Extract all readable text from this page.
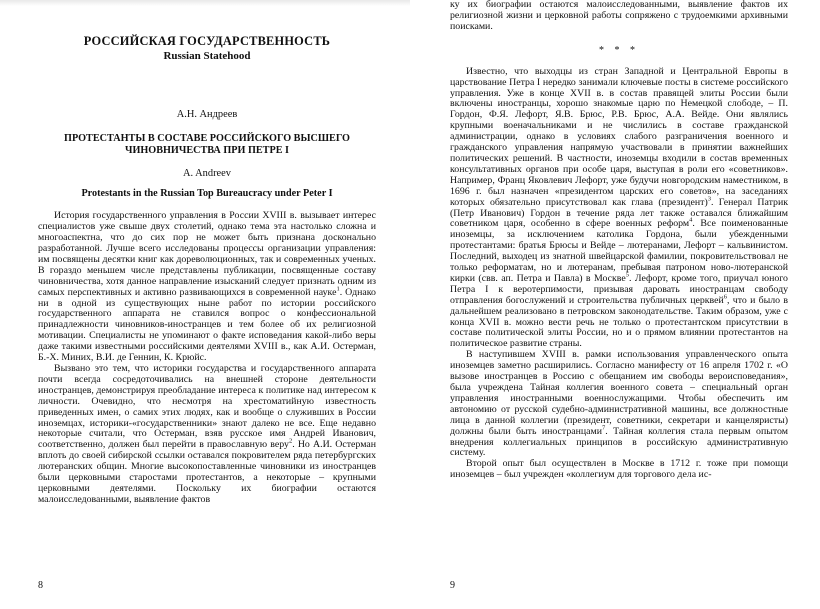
РОССИЙСКАЯ ГОСУДАРСТВЕННОСТЬ
Russian Statehood
А.Н. Андреев
ПРОТЕСТАНТЫ В СОСТАВЕ РОССИЙСКОГО ВЫСШЕГО ЧИНОВНИЧЕСТВА ПРИ ПЕТРЕ I
A. Andreev
Protestants in the Russian Top Bureaucracy under Peter I

История государственного управления в России XVIII в. вызывает интерес специалистов уже свыше двух столетий, однако тема эта настолько сложна и многоаспектна, что до сих пор не может быть признана досконально разработанной. Лучше всего исследованы процессы организации управления: им посвящены десятки книг как дореволюционных, так и современных ученых. В гораздо меньшем числе представлены публикации, посвященные составу чиновничества, хотя данное направление изысканий следует признать одним из самых перспективных и активно развивающихся в современной науке$^1$. Однако ни в одной из существующих ныне работ по истории российского государственного аппарата не ставился вопрос о конфессиональной принадлежности чиновников-иностранцев и тем более об их религиозной мотивации. Специалисты не упоминают о факте исповедания какой-либо веры даже такими известными российскими деятелями XVIII в., как А.И. Остерман, Б.-Х. Миних, В.И. де Геннин, К. Крюйс.

Вызвано это тем, что историки государства и государственного аппарата почти всегда сосредоточивались на внешней стороне деятельности иностранцев, демонстрируя преобладание интереса к политике над интересом к личности. Очевидно, что несмотря на хрестоматийную известность приведенных имен, о самих этих людях, как и вообще о служивших в России иноземцах, историки-«государственники» знают далеко не все. Еще недавно некоторые считали, что Остерман, взяв русское имя Андрей Иванович, соответственно, должен был перейти в православную веру$^2$. Но А.И. Остерман вплоть до своей сибирской ссылки оставался покровителем ряда петербургских лютеранских общин. Многие высокопоставленные чиновники из иностранцев были церковными старостами протестантов, а некоторые – крупными церковными деятелями. Поскольку их биографии остаются малоисследованными, выявление фактов

8

ку их биографии остаются малоисследованными, выявление фактов их религиозной жизни и церковной работы сопряжено с трудоемкими архивными поисками.

* * *

Известно, что выходцы из стран Западной и Центральной Европы в царствование Петра I нередко занимали ключевые посты в системе российского управления. Уже в конце XVII в. в состав правящей элиты России были включены иностранцы, хорошо знакомые царю по Немецкой слободе, – П. Гордон, Ф.Я. Лефорт, Я.В. Брюс, Р.В. Брюс, А.А. Вейде. Они являлись крупными военачальниками и не числились в составе гражданской администрации, однако в условиях слабого разграничения военного и гражданского управления напрямую участвовали в принятии важнейших политических решений. В частности, иноземцы входили в состав временных консультативных органов при особе царя, выступая в роли его «советников». Например, Франц Яковлевич Лефорт, уже будучи новгородским наместником, в 1696 г. был назначен «президентом царских его советов», на заседаниях которых обязательно присутствовал как глава (президент)$^3$. Генерал Патрик (Петр Иванович) Гордон в течение ряда лет также оставался ближайшим советником царя, особенно в сфере военных реформ$^4$. Все поименованные иноземцы, за исключением католика Гордона, были убежденными протестантами: братья Брюсы и Вейде – лютеранами, Лефорт – кальвинистом. Последний, выходец из знатной швейцарской фамилии, покровительствовал не только реформатам, но и лютеранам, пребывая патроном ново-лютеранской кирки (свв. ап. Петра и Павла) в Москве$^5$. Лефорт, кроме того, приучал юного Петра I к веротерпимости, призывая даровать иностранцам свободу отправления богослужений и строительства публичных церквей$^6$, что и было в дальнейшем реализовано в петровском законодательстве. Таким образом, уже с конца XVII в. можно вести речь не только о протестантском присутствии в составе политической элиты России, но и о прямом влиянии протестантов на политическое развитие страны.

В наступившем XVIII в. рамки использования управленческого опыта иноземцев заметно расширились. Согласно манифесту от 16 апреля 1702 г. «О вызове иностранцев в Россию с обещанием им свободы вероисповедания», была учреждена Тайная коллегия военного совета – специальный орган управления иностранными военнослужащими. Чтобы обеспечить им автономию от русской судебно-административной машины, все должностные лица в данной коллегии (президент, советники, секретари и канцеляристы) должны были быть иностранцами$^7$. Тайная коллегия стала первым опытом внедрения коллегиальных принципов в российскую административную систему.

Второй опыт был осуществлен в Москве в 1712 г. тоже при помощи иноземцев – был учрежден «коллегиум для торгового дела ис-

9
